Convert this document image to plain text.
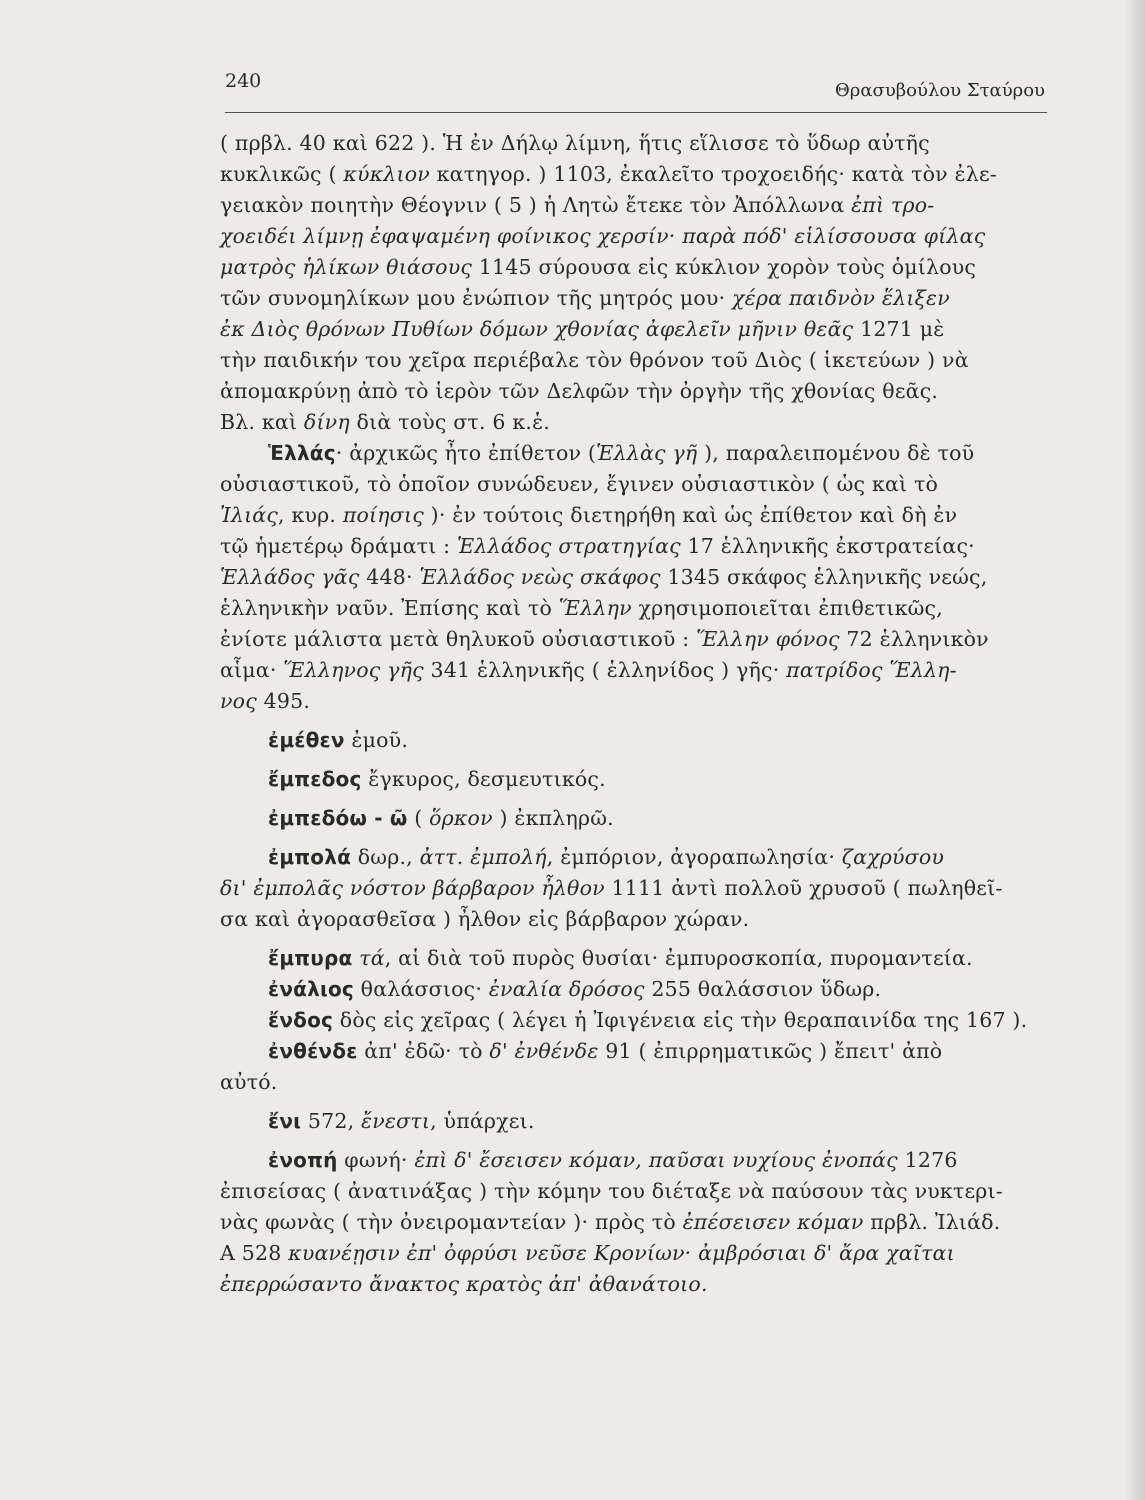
240	Θρασυβούλου Σταύρου
( πρβλ. 40 καὶ 622 ). Ἡ ἐν Δήλῳ λίμνη, ἥτις εἵλισσε τὸ ὕδωρ αὐτῆς
κυκλικῶς ( κύκλιον κατηγορ. ) 1103, ἐκαλεῖτο τροχοειδής· κατὰ τὸν ἐλε-
γειακὸν ποιητὴν Θέογνιν ( 5 ) ἡ Λητὼ ἔτεκε τὸν Ἀπόλλωνα ἐπὶ τρο-
χοειδέι λίμνῃ ἐφαψαμένη φοίνικος χερσίν· παρὰ πόδ' εἱλίσσουσα φίλας
ματρὸς ἡλίκων θιάσους 1145 σύρουσα εἰς κύκλιον χορὸν τοὺς ὁμίλους
τῶν συνομηλίκων μου ἐνώπιον τῆς μητρός μου· χέρα παιδνὸν ἕλιξεν
ἐκ Διὸς θρόνων Πυθίων δόμων χθονίας ἀφελεῖν μῆνιν θεᾶς 1271 μὲ
τὴν παιδικήν του χεῖρα περιέβαλε τὸν θρόνον τοῦ Διὸς ( ἱκετεύων ) νὰ
ἀπομακρύνῃ ἀπὸ τὸ ἱερὸν τῶν Δελφῶν τὴν ὀργὴν τῆς χθονίας θεᾶς.
Βλ. καὶ δίνη διὰ τοὺς στ. 6 κ.ἑ.
Ἑλλάς· ἀρχικῶς ἦτο ἐπίθετον (Ἑλλὰς γῆ ), παραλειπομένου δὲ τοῦ
οὐσιαστικοῦ, τὸ ὁποῖον συνώδευεν, ἔγινεν οὐσιαστικὸν ( ὡς καὶ τὸ
Ἰλιάς, κυρ. ποίησις )· ἐν τούτοις διετηρήθη καὶ ὡς ἐπίθετον καὶ δὴ ἐν
τῷ ἡμετέρῳ δράματι : Ἑλλάδος στρατηγίας 17 ἑλληνικῆς ἐκστρατείας·
Ἑλλάδος γᾶς 448· Ἑλλάδος νεὼς σκάφος 1345 σκάφος ἑλληνικῆς νεώς,
ἑλληνικὴν ναῦν. Ἐπίσης καὶ τὸ Ἕλλην χρησιμοποιεῖται ἐπιθετικῶς,
ἐνίοτε μάλιστα μετὰ θηλυκοῦ οὐσιαστικοῦ : Ἕλλην φόνος 72 ἑλληνικὸν
αἷμα· Ἕλληνος γῆς 341 ἑλληνικῆς ( ἑλληνίδος ) γῆς· πατρίδος Ἕλλη-
νος 495.
ἐμέθεν ἐμοῦ.
ἔμπεδος ἔγκυρος, δεσμευτικός.
ἐμπεδόω - ῶ ( ὅρκον ) ἐκπληρῶ.
ἐμπολά δωρ., ἀττ. ἐμπολή, ἐμπόριον, ἀγοραπωλησία· ζαχρύσου
δι' ἐμπολᾶς νόστον βάρβαρον ἦλθον 1111 ἀντὶ πολλοῦ χρυσοῦ ( πωληθεῖ-
σα καὶ ἀγορασθεῖσα ) ἦλθον εἰς βάρβαρον χώραν.
ἔμπυρα τά, αἱ διὰ τοῦ πυρὸς θυσίαι· ἐμπυροσκοπία, πυρομαντεία.
ἐνάλιος θαλάσσιος· ἐναλία δρόσος 255 θαλάσσιον ὕδωρ.
ἔνδος δὸς εἰς χεῖρας ( λέγει ἡ Ἰφιγένεια εἰς τὴν θεραπαινίδα της 167 ).
ἐνθένδε ἀπ' ἐδῶ· τὸ δ' ἐνθένδε 91 ( ἐπιρρηματικῶς ) ἔπειτ' ἀπὸ
αὐτό.
ἔνι 572, ἔνεστι, ὑπάρχει.
ἐνοπή φωνή· ἐπὶ δ' ἔσεισεν κόμαν, παῦσαι νυχίους ἐνοπάς 1276
ἐπισείσας ( ἀνατινάξας ) τὴν κόμην του διέταξε νὰ παύσουν τὰς νυκτερι-
νὰς φωνὰς ( τὴν ὀνειρομαντείαν )· πρὸς τὸ ἐπέσεισεν κόμαν πρβλ. Ἰλιάδ.
Α 528 κυανέῃσιν ἐπ' ὀφρύσι νεῦσε Κρονίων· ἀμβρόσιαι δ' ἄρα χαῖται
ἐπερρώσαντο ἄνακτος κρατὸς ἀπ' ἀθανάτοιο.
